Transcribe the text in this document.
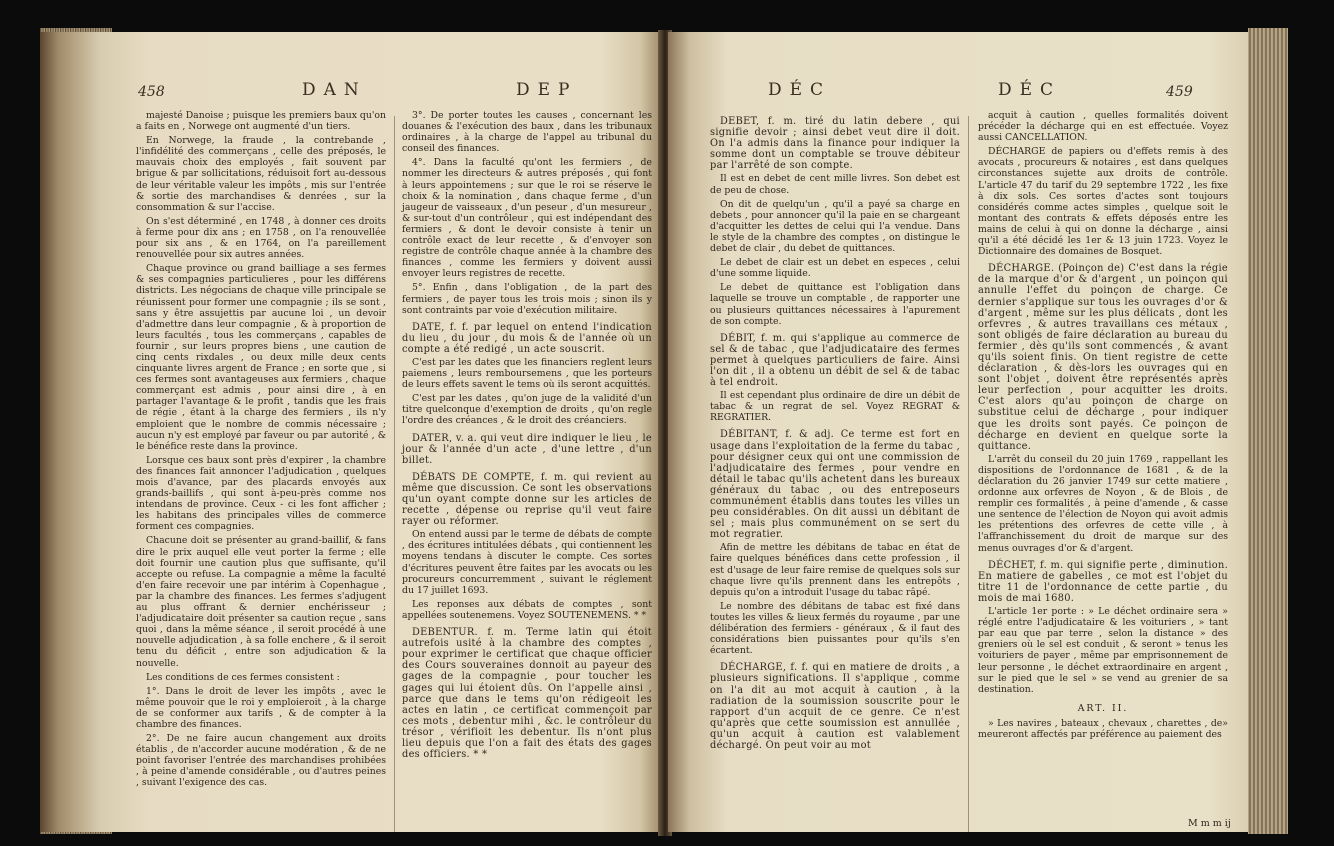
458	DAN	DEP

majesté Danoise ; puisque les premiers baux qu'on a faits en , Norwege ont augmenté d'un tiers.

En Norwege, la fraude , la contrebande , l'infidélité des commerçans , celle des préposés, le mauvais choix des employés , fait souvent par brigue & par sollicitations, réduisoit fort au-dessous de leur véritable valeur les impôts , mis sur l'entrée & sortie des marchandises & denrées , sur la consommation & sur l'accise.

On s'est déterminé , en 1748 , à donner ces droits à ferme pour dix ans ; en 1758 , on l'a renouvellée pour six ans , & en 1764, on l'a pareillement renouvellée pour six autres années.

Chaque province ou grand bailliage a ses fermes & ses compagnies particulieres , pour les différens districts. Les négocians de chaque ville principale se réunissent pour former une compagnie ; ils se sont , sans y être assujettis par aucune loi , un devoir d'admettre dans leur compagnie , & à proportion de leurs facultés , tous les commerçans , capables de fournir , sur leurs propres biens , une caution de cinq cents rixdales , ou deux mille deux cents cinquante livres argent de France ; en sorte que , si ces fermes sont avantageuses aux fermiers , chaque commerçant est admis , pour ainsi dire , à en partager l'avantage & le profit , tandis que les frais de régie , étant à la charge des fermiers , ils n'y emploient que le nombre de commis nécessaire ; aucun n'y est employé par faveur ou par autorité , & le bénéfice reste dans la province.

Lorsque ces baux sont près d'expirer , la chambre des finances fait annoncer l'adjudication , quelques mois d'avance, par des placards envoyés aux grands-baillifs , qui sont à-peu-près comme nos intendans de province. Ceux - ci les font afficher ; les habitans des principales villes de commerce forment ces compagnies.

Chacune doit se présenter au grand-baillif, & fans dire le prix auquel elle veut porter la ferme ; elle doit fournir une caution plus que suffisante, qu'il accepte ou refuse. La compagnie a même la faculté d'en faire recevoir une par intérim à Copenhague , par la chambre des finances. Les fermes s'adjugent au plus offrant & dernier enchérisseur ; l'adjudicataire doit présenter sa caution reçue , sans quoi , dans la même séance , il seroit procédé à une nouvelle adjudication , à sa folle enchere , & il seroit tenu du déficit , entre son adjudication & la nouvelle.

Les conditions de ces fermes consistent :

1°. Dans le droit de lever les impôts , avec le même pouvoir que le roi y emploieroit , à la charge de se conformer aux tarifs , & de compter à la chambre des finances.

2°. De ne faire aucun changement aux droits établis , de n'accorder aucune modération , & de ne point favoriser l'entrée des marchandises prohibées , à peine d'amende considérable , ou d'autres peines , suivant l'exigence des cas.

3°. De porter toutes les causes , concernant les douanes & l'exécution des baux , dans les tribunaux ordinaires , à la charge de l'appel au tribunal du conseil des finances.

4°. Dans la faculté qu'ont les fermiers , de nommer les directeurs & autres préposés , qui font à leurs appointemens ; sur que le roi se réserve le choix & la nomination , dans chaque ferme , d'un jaugeur de vaisseaux , d'un peseur , d'un mesureur , & sur-tout d'un contrôleur , qui est indépendant des fermiers , & dont le devoir consiste à tenir un contrôle exact de leur recette , & d'envoyer son registre de contrôle chaque année à la chambre des finances , comme les fermiers y doivent aussi envoyer leurs registres de recette.

5°. Enfin , dans l'obligation , de la part des fermiers , de payer tous les trois mois ; sinon ils y sont contraints par voie d'exécution militaire.

DATE, f. f. par lequel on entend l'indication du lieu , du jour , du mois & de l'année où un compte a été redigé , un acte souscrit.

C'est par les dates que les financiers reglent leurs paiemens , leurs remboursemens , que les porteurs de leurs effets savent le tems où ils seront acquittés.

C'est par les dates , qu'on juge de la validité d'un titre quelconque d'exemption de droits , qu'on regle l'ordre des créances , & le droit des créanciers.

DATER, v. a. qui veut dire indiquer le lieu , le jour & l'année d'un acte , d'une lettre , d'un billet.
DÉBATS DE COMPTE, f. m. qui revient au même que discussion. Ce sont les observations qu'un oyant compte donne sur les articles de recette , dépense ou reprise qu'il veut faire rayer ou réformer.

On entend aussi par le terme de débats de compte , des écritures intitulées débats , qui contiennent les moyens tendans à discuter le compte. Ces sortes d'écritures peuvent être faites par les avocats ou les procureurs concurremment , suivant le réglement du 17 juillet 1693.

Les reponses aux débats de comptes , sont appellées soutenemens. Voyez SOUTENEMENS. * *

DEBENTUR. f. m. Terme latin qui étoit autrefois usité à la chambre des comptes , pour exprimer le certificat que chaque officier des Cours souveraines donnoit au payeur des gages de la compagnie , pour toucher les gages qui lui étoient dûs. On l'appelle ainsi , parce que dans le tems qu'on rédigeoit les actes en latin , ce certificat commençoit par ces mots , debentur mihi , &c. le contrôleur du trésor , vérifioit les debentur. Ils n'ont plus lieu depuis que l'on a fait des états des gages des officiers. * *
DÉC	DÉC	459
DEBET, f. m. tiré du latin debere , qui signifie devoir ; ainsi debet veut dire il doit. On l'a admis dans la finance pour indiquer la somme dont un comptable se trouve débiteur par l'arrêté de son compte.

Il est en debet de cent mille livres. Son debet est de peu de chose.

On dit de quelqu'un , qu'il a payé sa charge en debets , pour annoncer qu'il la paie en se chargeant d'acquitter les dettes de celui qui l'a vendue. Dans le style de la chambre des comptes , on distingue le debet de clair , du debet de quittances.

Le debet de clair est un debet en especes , celui d'une somme liquide.

Le debet de quittance est l'obligation dans laquelle se trouve un comptable , de rapporter une ou plusieurs quittances nécessaires à l'apurement de son compte.

DÉBIT, f. m. qui s'applique au commerce de sel & de tabac , que l'adjudicataire des fermes permet à quelques particuliers de faire. Ainsi l'on dit , il a obtenu un débit de sel & de tabac à tel endroit.

Il est cependant plus ordinaire de dire un débit de tabac & un regrat de sel. Voyez REGRAT & REGRATIER.

DÉBITANT, f. & adj. Ce terme est fort en usage dans l'exploitation de la ferme du tabac , pour désigner ceux qui ont une commission de l'adjudicataire des fermes , pour vendre en détail le tabac qu'ils achetent dans les bureaux généraux du tabac , ou des entreposeurs communément établis dans toutes les villes un peu considérables. On dit aussi un débitant de sel ; mais plus communément on se sert du mot regratier.

Afin de mettre les débitans de tabac en état de faire quelques bénéfices dans cette profession , il est d'usage de leur faire remise de quelques sols sur chaque livre qu'ils prennent dans les entrepôts , depuis qu'on a introduit l'usage du tabac râpé.

Le nombre des débitans de tabac est fixé dans toutes les villes & lieux fermés du royaume , par une délibération des fermiers - généraux , & il faut des considérations bien puissantes pour qu'ils s'en écartent.

DÉCHARGE, f. f. qui en matiere de droits , a plusieurs significations. Il s'applique , comme on l'a dit au mot acquit à caution , à la radiation de la soumission souscrite pour le rapport d'un acquit de ce genre. Ce n'est qu'après que cette soumission est annullée , qu'un acquit à caution est valablement déchargé. On peut voir au mot

acquit à caution , quelles formalités doivent précéder la décharge qui en est effectuée. Voyez aussi CANCELLATION.

DÉCHARGE de papiers ou d'effets remis à des avocats , procureurs & notaires , est dans quelques circonstances sujette aux droits de contrôle. L'article 47 du tarif du 29 septembre 1722 , les fixe à dix sols. Ces sortes d'actes sont toujours considérés comme actes simples , quelque soit le montant des contrats & effets déposés entre les mains de celui à qui on donne la décharge , ainsi qu'il a été décidé les 1er & 13 juin 1723. Voyez le Dictionnaire des domaines de Bosquet.

DÉCHARGE. (Poinçon de) C'est dans la régie de la marque d'or & d'argent , un poinçon qui annulle l'effet du poinçon de charge. Ce dernier s'applique sur tous les ouvrages d'or & d'argent , même sur les plus délicats , dont les orfevres , & autres travaillans ces métaux , sont obligés de faire déclaration au bureau du fermier , dès qu'ils sont commencés , & avant qu'ils soient finis. On tient registre de cette déclaration , & dès-lors les ouvrages qui en sont l'objet , doivent être représentés après leur perfection , pour acquitter les droits. C'est alors qu'au poinçon de charge on substitue celui de décharge , pour indiquer que les droits sont payés. Ce poinçon de décharge en devient en quelque sorte la quittance.

L'arrêt du conseil du 20 juin 1769 , rappellant les dispositions de l'ordonnance de 1681 , & de la déclaration du 26 janvier 1749 sur cette matiere , ordonne aux orfevres de Noyon , & de Blois , de remplir ces formalités , à peine d'amende , & casse une sentence de l'élection de Noyon qui avoit admis les prétentions des orfevres de cette ville , à l'affranchissement du droit de marque sur des menus ouvrages d'or & d'argent.

DÉCHET, f. m. qui signifie perte , diminution. En matiere de gabelles , ce mot est l'objet du titre 11 de l'ordonnance de cette partie , du mois de mai 1680.

L'article 1er porte : » Le déchet ordinaire sera » réglé entre l'adjudicataire & les voituriers , » tant par eau que par terre , selon la distance » des greniers où le sel est conduit , & seront » tenus les voituriers de payer , même par emprisonnement de leur personne , le déchet extraordinaire en argent , sur le pied que le sel » se vend au grenier de sa destination.

ART. II.

» Les navires , bateaux , chevaux , charettes , de» meureront affectés par préférence au paiement des

M m m ij
